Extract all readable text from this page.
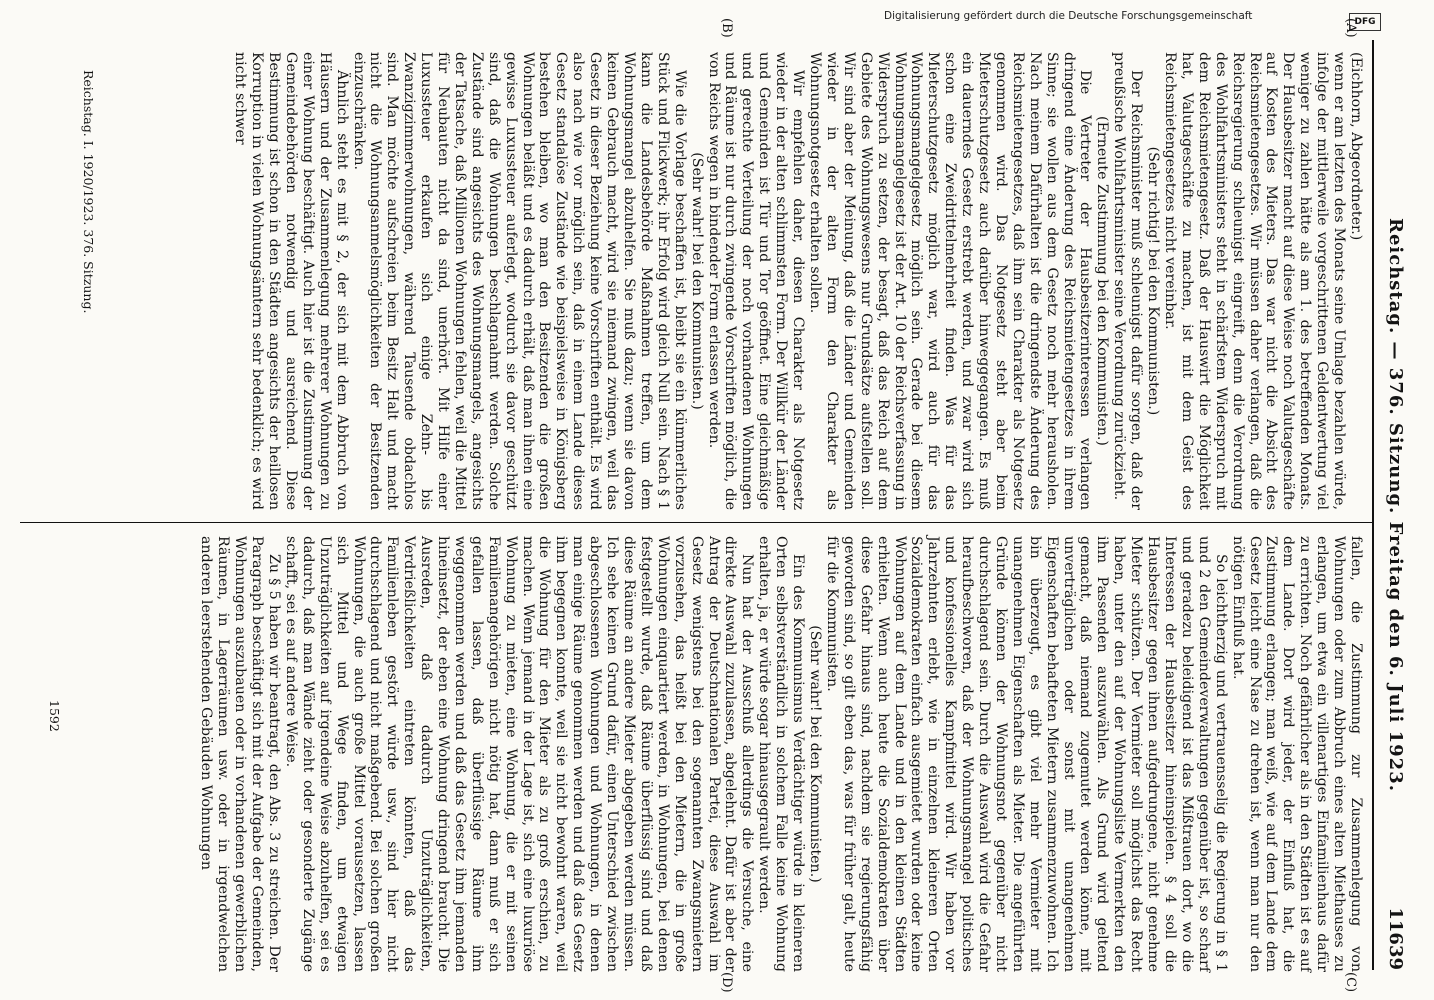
DFG
Digitalisierung gefördert durch die Deutsche Forschungsgemeinschaft
Reichstag. — 376. Sitzung. Freitag den 6. Juli 1923.
11639
(A)
(B)
(C)
(D)

(Eichhorn, Abgeordneter.)

wenn er am letzten des Monats seine Umlage bezahlen würde, infolge der mittlerweile vorgeschrittenen Geldentwertung viel weniger zu zahlen hätte als am 1. des betreffenden Monats. Der Hausbesitzer macht auf diese Weise noch Valutageschäfte auf Kosten des Mieters. Das war nicht die Absicht des Reichsmietengesetzes. Wir müssen daher verlangen, daß die Reichsregierung schleunigst eingreift, denn die Verordnung des Wohlfahrtsministers steht in schärfstem Widerspruch mit dem Reichsmietengesetz. Daß der Hauswirt die Möglichkeit hat, Valutageschäfte zu machen, ist mit dem Geist des Reichsmietengesetzes nicht vereinbar.

(Sehr richtig! bei den Kommunisten.)

Der Reichsminister muß schleunigst dafür sorgen, daß der preußische Wohlfahrtsminister seine Verordnung zurückzieht.

(Erneute Zustimmung bei den Kommunisten.)

Die Vertreter der Hausbesitzerinteressen verlangen dringend eine Änderung des Reichsmietengesetzes in ihrem Sinne; sie wollen aus dem Gesetz noch mehr herausholen. Nach meinem Dafürhalten ist die dringendste Änderung des Reichsmietengesetzes, daß ihm sein Charakter als Notgesetz genommen wird. Das Notgesetz steht aber beim Mieterschutzgesetz auch darüber hinweggegangen. Es muß ein dauerndes Gesetz erstrebt werden, und zwar wird sich schon eine Zweidrittelmehrheit finden. Was für das Mieterschutzgesetz möglich war, wird auch für das Wohnungsmangelgesetz möglich sein. Gerade bei diesem Wohnungsmangelgesetz ist der Art. 10 der Reichsverfassung in Widerspruch zu setzen, der besagt, daß das Reich auf dem Gebiete des Wohnungswesens nur Grundsätze aufstellen soll. Wir sind aber der Meinung, daß die Länder und Gemeinden wieder in der alten Form den Charakter als Wohnungsnotgesetz erhalten sollen.

Wir empfehlen daher, diesen Charakter als Notgesetz wieder in der alten schlimmsten Form. Der Willkür der Länder und Gemeinden ist Tür und Tor geöffnet. Eine gleichmäßige und gerechte Verteilung der noch vorhandenen Wohnungen und Räume ist nur durch zwingende Vorschriften möglich, die von Reichs wegen in bindender Form erlassen werden.

(Sehr wahr! bei den Kommunisten.)

Wie die Vorlage beschaffen ist, bleibt sie ein kümmerliches Stück und Flickwerk; ihr Erfolg wird gleich Null sein. Nach § 1 kann die Landesbehörde Maßnahmen treffen, um dem Wohnungsmangel abzuhelfen. Sie muß dazu; wenn sie davon keinen Gebrauch macht, wird sie niemand zwingen, weil das Gesetz in dieser Beziehung keine Vorschriften enthält. Es wird also nach wie vor möglich sein, daß in einem Lande dieses Gesetz standalöse Zustände wie beispielsweise in Königsberg bestehen bleiben, wo man den Besitzenden die großen Wohnungen beläßt und es dadurch erhält, daß man ihnen eine gewisse Luxussteuer auferlegt, wodurch sie davor geschützt sind, daß die Wohnungen beschlagnahmt werden. Solche Zustände sind angesichts des Wohnungsmangels, angesichts der Tatsache, daß Millionen Wohnungen fehlen, weil die Mittel für Neubauten nicht da sind, unerhört. Mit Hilfe einer Luxussteuer erkaufen sich einige Zehn- bis Zwanzigzimmerwohnungen, während Tausende obdachlos sind. Man möchte aufschreien beim Besitz Halt und macht nicht die Wohnungsanmelsmöglichkeiten der Besitzenden einzuschränken.

Ähnlich steht es mit § 2, der sich mit dem Abbruch von Häusern und der Zusammenlegung mehrerer Wohnungen zu einer Wohnung beschäftigt. Auch hier ist die Zustimmung der Gemeindebehörden notwendig und ausreichend. Diese Bestimmung ist schon in den Städten angesichts der heillosen Korruption in vielen Wohnungsämtern sehr bedenklich; es wird nicht schwer

fallen, die Zustimmung zur Zusammenlegung von Wohnungen oder zum Abbruch eines alten Miethauses zu erlangen, um etwa ein villenartiges Einfamilienhaus dafür zu errichten. Noch gefährlicher als in den Städten ist es auf dem Lande. Dort wird jeder, der Einfluß hat, die Zustimmung erlangen; man weiß, wie auf dem Lande dem Gesetz leicht eine Nase zu drehen ist, wenn man nur den nötigen Einfluß hat.

So leichtherzig und vertrauensselig die Regierung in § 1 und 2 den Gemeindeverwaltungen gegenüber ist, so scharf und geradezu beleidigend ist das Mißtrauen dort, wo die Interessen der Hausbesitzer hineinspielen. § 4 soll die Hausbesitzer gegen ihnen aufgedrungene, nicht genehme Mieter schützen. Der Vermieter soll möglichst das Recht haben, unter den auf der Wohnungsliste Vermerkten den ihm Passenden auszuwählen. Als Grund wird geltend gemacht, daß niemand zugemutet werden könne, mit unverträglichen oder sonst mit unangenehmen Eigenschaften behafteten Mietern zusammenzuwohnen. Ich bin überzeugt, es gibt viel mehr Vermieter mit unangenehmen Eigenschaften als Mieter. Die angeführten Gründe können der Wohnungsnot gegenüber nicht durchschlagend sein. Durch die Auswahl wird die Gefahr heraufbeschworen, daß der Wohnungsmangel politisches und konfessionelles Kampfmittel wird. Wir haben vor Jahrzehnten erlebt, wie in einzelnen kleineren Orten Sozialdemokraten einfach ausgemietet wurden oder keine Wohnungen auf dem Lande und in den kleinen Städten erhielten. Wenn auch heute die Sozialdemokraten über diese Gefahr hinaus sind, nachdem sie regierungsfähig geworden sind, so gilt eben das, was für früher galt, heute für die Kommunisten.

(Sehr wahr! bei den Kommunisten.)

Ein des Kommunismus Verdächtiger würde in kleineren Orten selbstverständlich in solchem Falle keine Wohnung erhalten, ja, er würde sogar hinausgegrault werden.

Nun hat der Ausschuß allerdings die Versuche, eine direkte Auswahl zuzulassen, abgelehnt. Dafür ist aber der Antrag der Deutschnationalen Partei, diese Auswahl im Gesetz wenigstens bei den sogenannten Zwangsmietern vorzusehen, das heißt bei den Mietern, die in große Wohnungen einquartiert werden, in Wohnungen, bei denen festgestellt wurde, daß Räume überflüssig sind und daß diese Räume an andere Mieter abgegeben werden müssen. Ich sehe keinen Grund dafür, einen Unterschied zwischen abgeschlossenen Wohnungen und Wohnungen, in denen man einige Räume genommen werden und daß das Gesetz ihm begegnen konnte, weil sie nicht bewohnt waren, weil die Wohnung für den Mieter als zu groß erschien, zu machen. Wenn jemand in der Lage ist, sich eine luxuriöse Wohnung zu mieten, eine Wohnung, die er mit seinen Familienangehörigen nicht nötig hat, dann muß er sich gefallen lassen, daß überflüssige Räume ihm weggenommen werden und daß das Gesetz ihm jemanden hineinsetzt, der eben eine Wohnung dringend braucht. Die Ausreden, daß dadurch Unzuträglichkeiten, Verdrießlichkeiten eintreten könnten, daß das Familienleben gestört würde usw., sind hier nicht durchschlagend und nicht maßgebend. Bei solchen großen Wohnungen, die auch große Mittel voraussetzen, lassen sich Mittel und Wege finden, um etwaigen Unzuträglichkeiten auf irgendeine Weise abzuhelfen, sei es dadurch, daß man Wände zieht oder gesonderte Zugänge schafft, sei es auf andere Weise.

Zu § 5 haben wir beantragt, den Abs. 3 zu streichen. Der Paragraph beschäftigt sich mit der Aufgabe der Gemeinden, Wohnungen auszubauen oder in vorhandenen gewerblichen Räumen, in Lagerräumen usw. oder in irgendwelchen anderen leerstehenden Gebäuden Wohnungen

Reichstag. I. 1920/1923. 376. Sitzung.
1592
